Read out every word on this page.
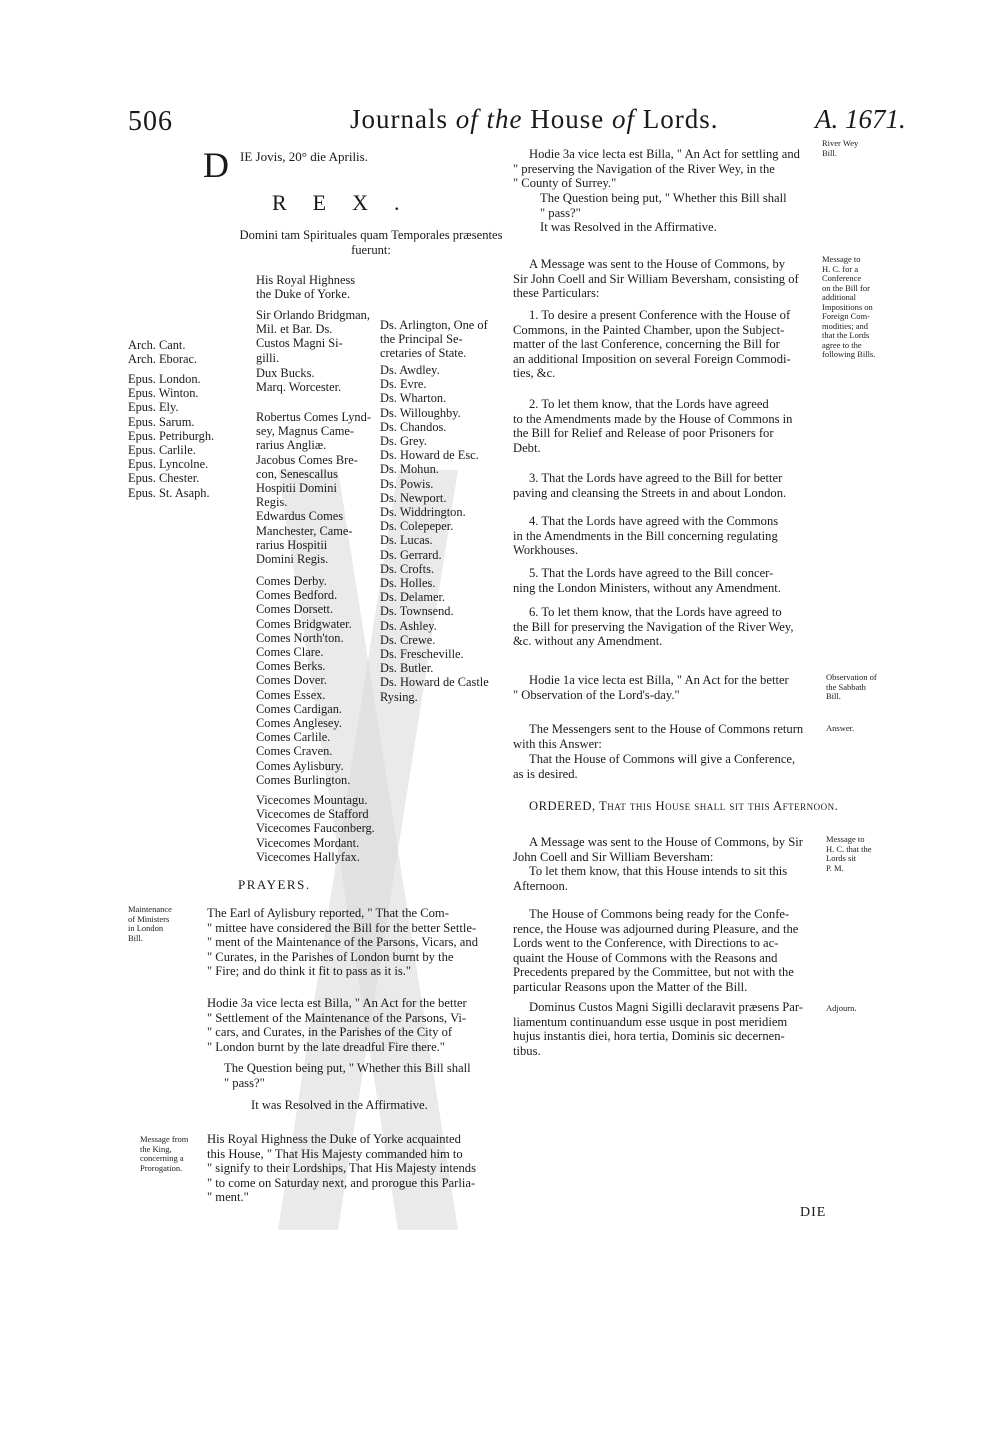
506	Journals of the House of Lords.	A. 1671.
D IE Jovis, 20° die Aprilis.
REX.
Domini tam Spirituales quam Temporales præsentes fuerunt:
Arch. Cant.
Arch. Eborac.
Epus. London.
Epus. Winton.
Epus. Ely.
Epus. Sarum.
Epus. Petriburgh.
Epus. Carlile.
Epus. Lyncolne.
Epus. Chester.
Epus. St. Asaph.
His Royal Highness
the Duke of Yorke.
Sir Orlando Bridgman,
Mil. et Bar. Ds.
Custos Magni Si-
gilli.
Dux Bucks.
Marq. Worcester.
Robertus Comes Lynd-
sey, Magnus Came-
rarius Angliæ.
Jacobus Comes Bre-
con, Senescallus
Hospitii Domini
Regis.
Edwardus Comes
Manchester, Came-
rarius Hospitii
Domini Regis.
Comes Derby.
Comes Bedford.
Comes Dorsett.
Comes Bridgwater.
Comes North'ton.
Comes Clare.
Comes Berks.
Comes Dover.
Comes Essex.
Comes Cardigan.
Comes Anglesey.
Comes Carlile.
Comes Craven.
Comes Aylisbury.
Comes Burlington.
Vicecomes Mountagu.
Vicecomes de Stafford
Vicecomes Fauconberg.
Vicecomes Mordant.
Vicecomes Hallyfax.
Ds. Arlington, One of
the Principal Se-
cretaries of State.
Ds. Awdley.
Ds. Evre.
Ds. Wharton.
Ds. Willoughby.
Ds. Chandos.
Ds. Grey.
Ds. Howard de Esc.
Ds. Mohun.
Ds. Powis.
Ds. Newport.
Ds. Widdrington.
Ds. Colepeper.
Ds. Lucas.
Ds. Gerrard.
Ds. Crofts.
Ds. Holles.
Ds. Delamer.
Ds. Townsend.
Ds. Ashley.
Ds. Crewe.
Ds. Frescheville.
Ds. Butler.
Ds. Howard de Castle
Rysing.
PRAYERS.
Maintenance
of Ministers
in London
Bill.
The Earl of Aylisbury reported, " That the Com-
" mittee have considered the Bill for the better Settle-
" ment of the Maintenance of the Parsons, Vicars, and
" Curates, in the Parishes of London burnt by the
" Fire; and do think it fit to pass as it is."
Hodie 3a vice lecta est Billa, " An Act for the better
" Settlement of the Maintenance of the Parsons, Vi-
" cars, and Curates, in the Parishes of the City of
" London burnt by the late dreadful Fire there."
The Question being put, " Whether this Bill shall
" pass?"
It was Resolved in the Affirmative.
Message from
the King,
concerning a
Prorogation.
His Royal Highness the Duke of Yorke acquainted
this House, " That His Majesty commanded him to
" signify to their Lordships, That His Majesty intends
" to come on Saturday next, and prorogue this Parlia-
" ment."
Hodie 3a vice lecta est Billa, " An Act for settling and
" preserving the Navigation of the River Wey, in the
" County of Surrey."
River Wey
Bill.
The Question being put, " Whether this Bill shall
" pass?"
It was Resolved in the Affirmative.
A Message was sent to the House of Commons, by
Sir John Coell and Sir William Beversham, consisting of
these Particulars:
Message to
H. C. for a
Conference
on the Bill for
additional
Impositions on
Foreign Com-
modities; and
that the Lords
agree to the
following Bills.
1. To desire a present Conference with the House of
Commons, in the Painted Chamber, upon the Subject-
matter of the last Conference, concerning the Bill for
an additional Imposition on several Foreign Commodi-
ties, &c.
2. To let them know, that the Lords have agreed
to the Amendments made by the House of Commons in
the Bill for Relief and Release of poor Prisoners for
Debt.
3. That the Lords have agreed to the Bill for better
paving and cleansing the Streets in and about London.
4. That the Lords have agreed with the Commons
in the Amendments in the Bill concerning regulating
Workhouses.
5. That the Lords have agreed to the Bill concer-
ning the London Ministers, without any Amendment.
6. To let them know, that the Lords have agreed to
the Bill for preserving the Navigation of the River Wey,
&c. without any Amendment.
Hodie 1a vice lecta est Billa, " An Act for the better
" Observation of the Lord's-day."
Observation of
the Sabbath
Bill.
The Messengers sent to the House of Commons return
with this Answer:
Answer.
That the House of Commons will give a Conference,
as is desired.
ORDERED, That this House shall sit this Afternoon.
A Message was sent to the House of Commons, by Sir
John Coell and Sir William Beversham:
Message to
H. C. that the
Lords sit
P. M.
To let them know, that this House intends to sit this
Afternoon.
The House of Commons being ready for the Confe-
rence, the House was adjourned during Pleasure, and the
Lords went to the Conference, with Directions to ac-
quaint the House of Commons with the Reasons and
Precedents prepared by the Committee, but not with the
particular Reasons upon the Matter of the Bill.
Dominus Custos Magni Sigilli declaravit præsens Par-
liamentum continuandum esse usque in post meridiem
hujus instantis diei, hora tertia, Dominis sic decernen-
tibus.
Adjourn.
DIE
